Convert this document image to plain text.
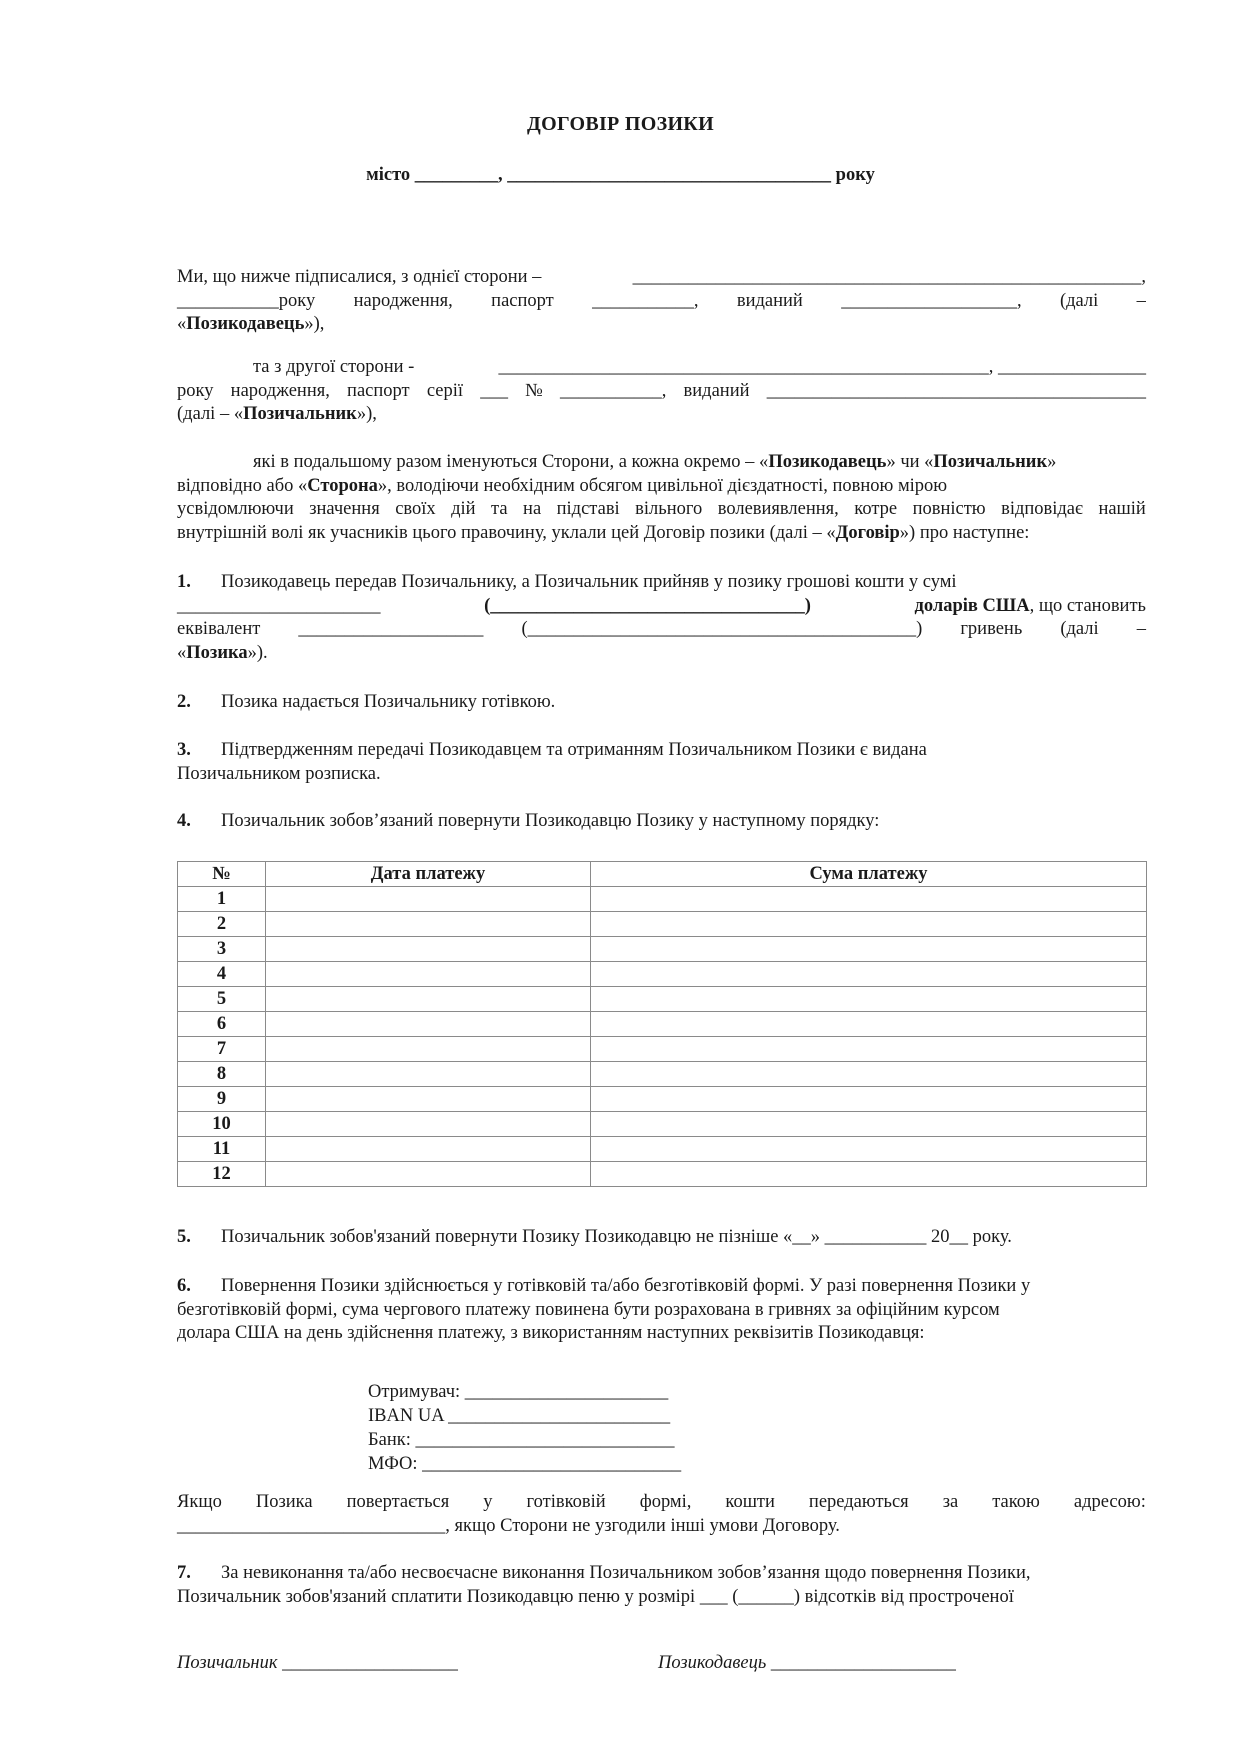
ДОГОВІР ПОЗИКИ
місто _________, ___________________________________ року
Ми, що нижче підписалися, з однієї сторони –	_______________________________________________________,
___________року народження, паспорт ___________, виданий ___________________, (далі –
«Позикодавець»),
та з другої сторони -	_____________________________________________________, ________________
року народження, паспорт серії ___ № ___________, виданий _________________________________________
(далі – «Позичальник»),
які в подальшому разом іменуються Сторони, а кожна окремо – «Позикодавець» чи «Позичальник»
відповідно або «Сторона», володіючи необхідним обсягом цивільної дієздатності, повною мірою
усвідомлюючи значення своїх дій та на підставі вільного волевиявлення, котре повністю відповідає нашій
внутрішній волі як учасників цього правочину, уклали цей Договір позики (далі – «Договір») про наступне:
1.	Позикодавець передав Позичальнику, а Позичальник прийняв у позику грошові кошти у сумі
______________________	(__________________________________)	доларів США, що становить
еквівалент ____________________ (__________________________________________) гривень (далі –
«Позика»).
2. Позика надається Позичальнику готівкою.
3.	Підтвердженням передачі Позикодавцем та отриманням Позичальником Позики є видана
Позичальником розписка.
4. Позичальник зобов’язаний повернути Позикодавцю Позику у наступному порядку:
№	Дата платежу	Сума платежу
1		
2		
3		
4		
5		
6		
7		
8		
9		
10		
11		
12		
5. Позичальник зобов'язаний повернути Позику Позикодавцю не пізніше «__» ___________ 20__ року.
6.	Повернення Позики здійснюється у готівковій та/або безготівковій формі. У разі повернення Позики у
безготівковій формі, сума чергового платежу повинена бути розрахована в гривнях за офіційним курсом
долара США на день здійснення платежу, з використанням наступних реквізитів Позикодавця:
Отримувач: ______________________
IBAN UA ________________________
Банк: ____________________________
МФО: ____________________________
Якщо Позика повертається у готівковій формі, кошти передаються за такою адресою:
_____________________________, якщо Сторони не узгодили інші умови Договору.
7.	За невиконання та/або несвоєчасне виконання Позичальником зобов’язання щодо повернення Позики,
Позичальник зобов'язаний сплатити Позикодавцю пеню у розмірі ___ (______) відсотків від простроченої
Позичальник ___________________	Позикодавець ____________________
